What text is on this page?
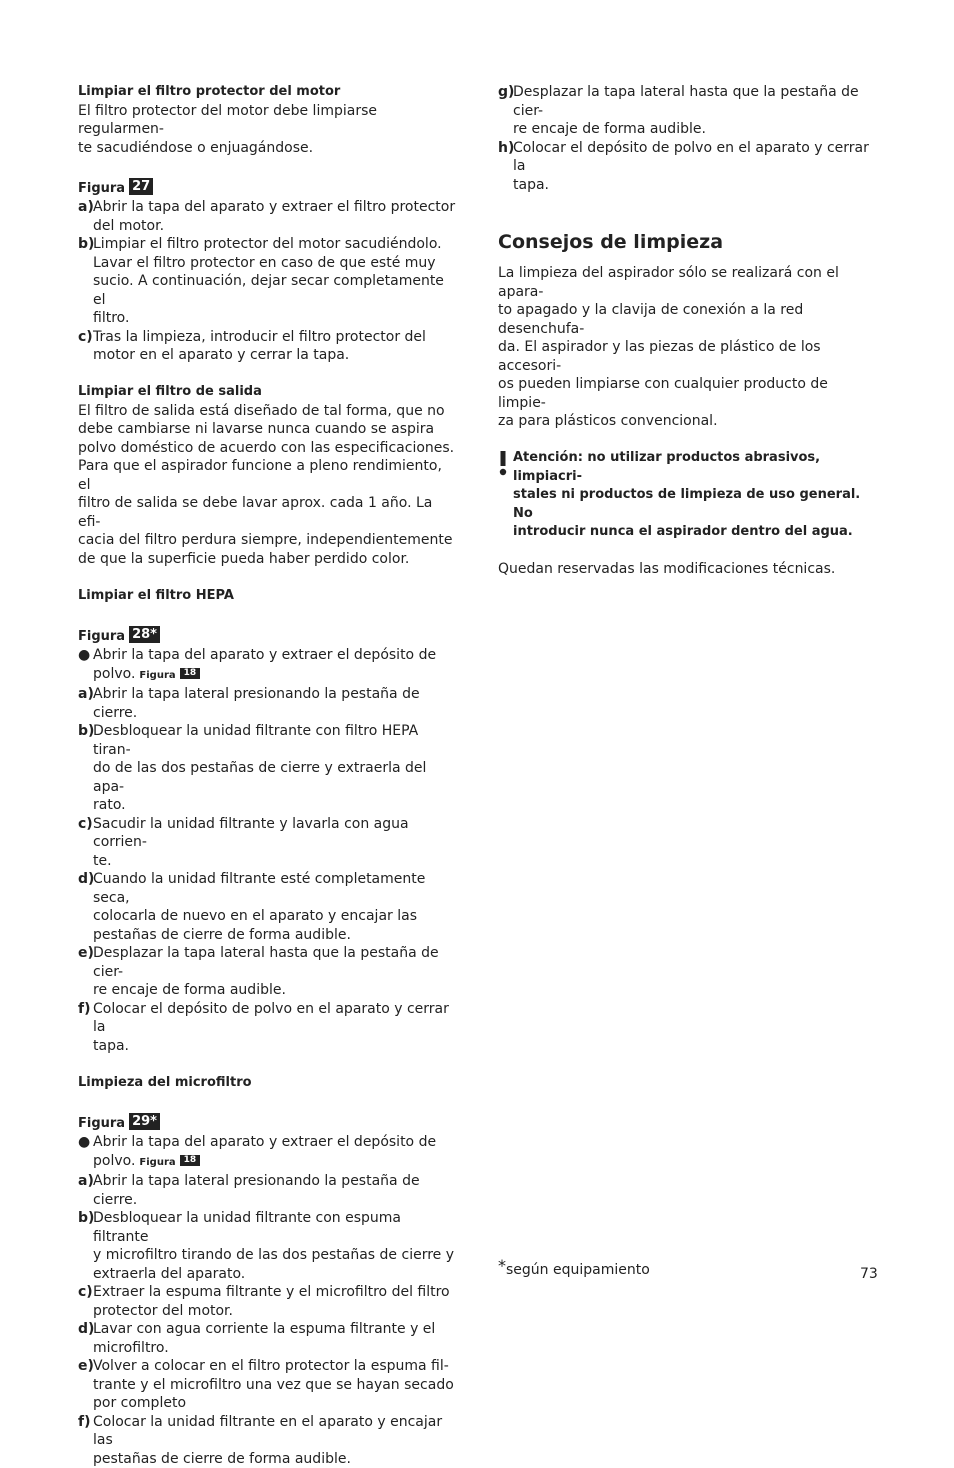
Limpiar el filtro protector del motor
El filtro protector del motor debe limpiarse regularmen-
te sacudiéndose o enjuagándose.
Figura 27
a) Abrir la tapa del aparato y extraer el filtro protector
del motor.
b)
Limpiar el filtro protector del motor sacudiéndolo.
Lavar el filtro protector en caso de que esté muy
sucio. A continuación, dejar secar completamente el
filtro.
c) Tras la limpieza, introducir el filtro protector del
motor en el aparato y cerrar la tapa.
Limpiar el filtro de salida
El filtro de salida está diseñado de tal forma, que no
debe cambiarse ni lavarse nunca cuando se aspira
polvo doméstico de acuerdo con las especificaciones.
Para que el aspirador funcione a pleno rendimiento, el
filtro de salida se debe lavar aprox. cada 1 año. La efi-
cacia del filtro perdura siempre, independientemente
de que la superficie pueda haber perdido color.
Limpiar el filtro HEPA
Figura 28*
● Abrir la tapa del aparato y extraer el depósito de
polvo. Figura 18
a) Abrir la tapa lateral presionando la pestaña de cierre.
b)
Desbloquear la unidad filtrante con filtro HEPA tiran-
do de las dos pestañas de cierre y extraerla del apa-
rato.
c) Sacudir la unidad filtrante y lavarla con agua corrien-
te.
d)
Cuando la unidad filtrante esté completamente seca,
colocarla de nuevo en el aparato y encajar las
pestañas de cierre de forma audible.
e) Desplazar la tapa lateral hasta que la pestaña de cier-
re encaje de forma audible.
f) Colocar el depósito de polvo en el aparato y cerrar la
tapa.
Limpieza del microfiltro
Figura 29*
● Abrir la tapa del aparato y extraer el depósito de
polvo. Figura 18
a) Abrir la tapa lateral presionando la pestaña de cierre.
b)
Desbloquear la unidad filtrante con espuma filtrante
y microfiltro tirando de las dos pestañas de cierre y
extraerla del aparato.
c) Extraer la espuma filtrante y el microfiltro del filtro
protector del motor.
d)
Lavar con agua corriente la espuma filtrante y el
microfiltro.
e) Volver a colocar en el filtro protector la espuma fil-
trante y el microfiltro una vez que se hayan secado
por completo
f) Colocar la unidad filtrante en el aparato y encajar las
pestañas de cierre de forma audible.
g)
Desplazar la tapa lateral hasta que la pestaña de cier-
re encaje de forma audible.
h)
Colocar el depósito de polvo en el aparato y cerrar la
tapa.
Consejos de limpieza
La limpieza del aspirador sólo se realizará con el apara-
to apagado y la clavija de conexión a la red desenchufa-
da. El aspirador y las piezas de plástico de los accesori-
os pueden limpiarse con cualquier producto de limpie-
za para plásticos convencional.
Atención: no utilizar productos abrasivos, limpiacri-
stales ni productos de limpieza de uso general. No
introducir nunca el aspirador dentro del agua.
Quedan reservadas las modificaciones técnicas.
*según equipamiento	73
